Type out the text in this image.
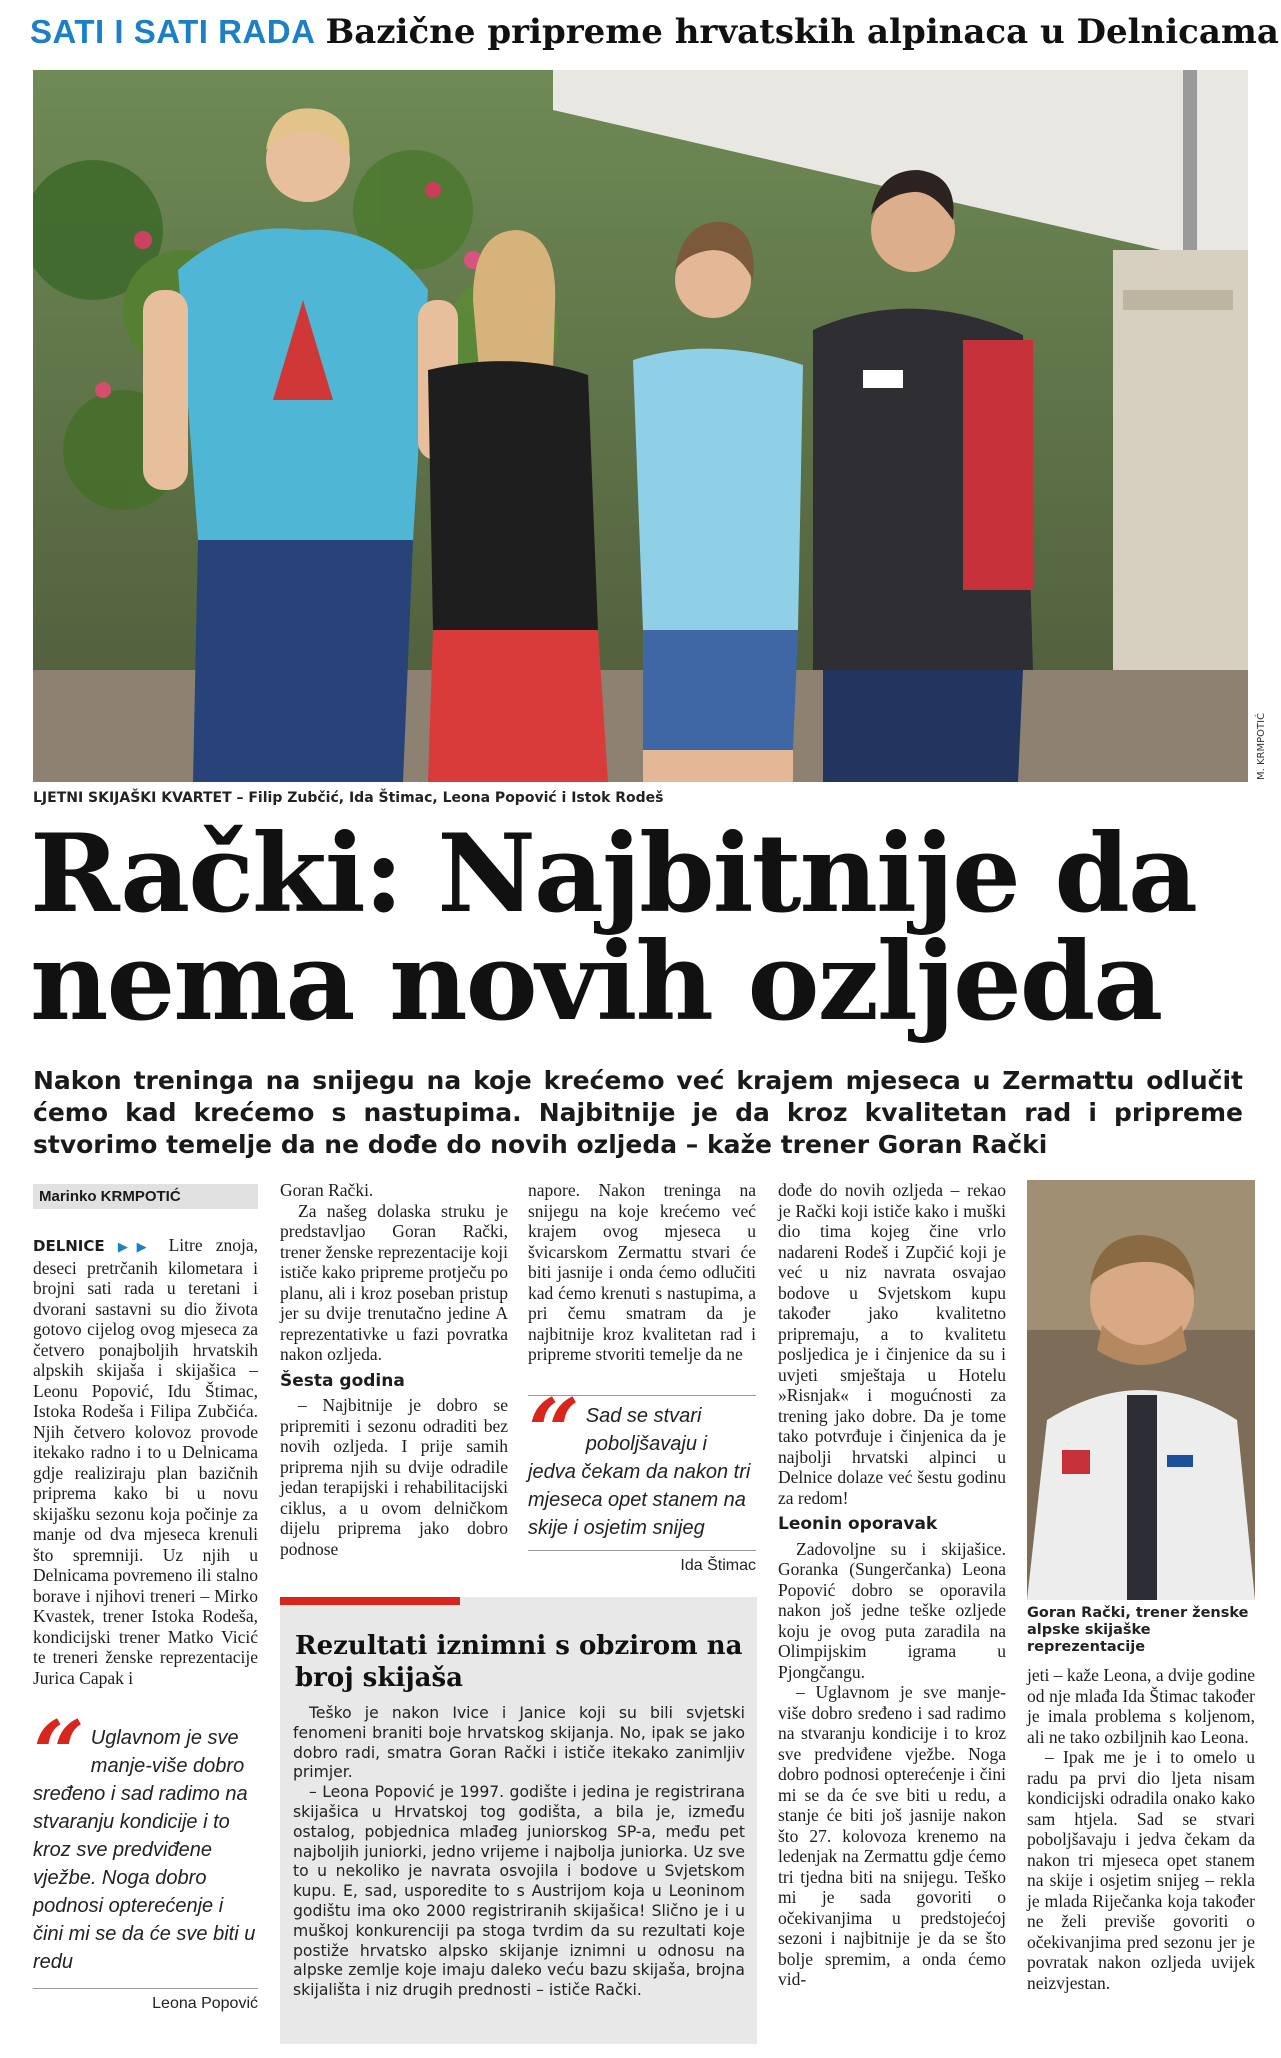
SATI I SATI RADA Bazične pripreme hrvatskih alpinaca u Delnicama
M. KRMPOTIĆ
LJETNI SKIJAŠKI KVARTET – Filip Zubčić, Ida Štimac, Leona Popović i Istok Rodeš
Rački: Najbitnije da
nema novih ozljeda
Nakon treninga na snijegu na koje krećemo već krajem mjeseca u Zermattu odlučit ćemo kad krećemo s nastupima. Najbitnije je da kroz kvalitetan rad i pripreme stvorimo temelje da ne dođe do novih ozljeda – kaže trener Goran Rački
Marinko KRMPOTIĆ

DELNICE ▶▶ Litre znoja, deseci pretrčanih kilometara i brojni sati rada u teretani i dvorani sastavni su dio života gotovo cijelog ovog mjeseca za četvero ponajboljih hrvatskih alpskih skijaša i skijašica – Leonu Popović, Idu Štimac, Istoka Rodeša i Filipa Zubčića. Njih četvero kolovoz provode itekako radno i to u Delnicama gdje realiziraju plan bazičnih priprema kako bi u novu skijašku sezonu koja počinje za manje od dva mjeseca krenuli što spremniji. Uz njih u Delnicama povremeno ili stalno borave i njihovi treneri – Mirko Kvastek, trener Istoka Rodeša, kondicijski trener Matko Vicić te treneri ženske reprezentacije Jurica Capak i

“ Uglavnom je sve manje-više dobro sređeno i sad radimo na stvaranju kondicije i to kroz sve predviđene vježbe. Noga dobro podnosi opterećenje i čini mi se da će sve biti u redu
Leona Popović

Goran Rački.

Za našeg dolaska struku je predstavljao Goran Rački, trener ženske reprezentacije koji ističe kako pripreme protječu po planu, ali i kroz poseban pristup jer su dvije trenutačno jedine A reprezentativke u fazi povratka nakon ozljeda.

Šesta godina

– Najbitnije je dobro se pripremiti i sezonu odraditi bez novih ozljeda. I prije samih priprema njih su dvije odradile jedan terapijski i rehabilitacijski ciklus, a u ovom delničkom dijelu priprema jako dobro podnose

napore. Nakon treninga na snijegu na koje krećemo već krajem ovog mjeseca u švicarskom Zermattu stvari će biti jasnije i onda ćemo odlučiti kad ćemo krenuti s nastupima, a pri čemu smatram da je najbitnije kroz kvalitetan rad i pripreme stvoriti temelje da ne

“ Sad se stvari poboljšavaju i jedva čekam da nakon tri mjeseca opet stanem na skije i osjetim snijeg
Ida Štimac
Rezultati iznimni s obzirom na broj skijaša

Teško je nakon Ivice i Janice koji su bili svjetski fenomeni braniti boje hrvatskog skijanja. No, ipak se jako dobro radi, smatra Goran Rački i ističe itekako zanimljiv primjer.

– Leona Popović je 1997. godište i jedina je registrirana skijašica u Hrvatskoj tog godišta, a bila je, između ostalog, pobjednica mlađeg juniorskog SP-a, među pet najboljih juniorki, jedno vrijeme i najbolja juniorka. Uz sve to u nekoliko je navrata osvojila i bodove u Svjetskom kupu. E, sad, usporedite to s Austrijom koja u Leoninom godištu ima oko 2000 registriranih skijašica! Slično je i u muškoj konkurenciji pa stoga tvrdim da su rezultati koje postiže hrvatsko alpsko skijanje iznimni u odnosu na alpske zemlje koje imaju daleko veću bazu skijaša, brojna skijališta i niz drugih prednosti – ističe Rački.

dođe do novih ozljeda – rekao je Rački koji ističe kako i muški dio tima kojeg čine vrlo nadareni Rodeš i Zupčić koji je već u niz navrata osvajao bodove u Svjetskom kupu također jako kvalitetno pripremaju, a to kvalitetu posljedica je i činjenice da su i uvjeti smještaja u Hotelu »Risnjak« i mogućnosti za trening jako dobre. Da je tome tako potvrđuje i činjenica da je najbolji hrvatski alpinci u Delnice dolaze već šestu godinu za redom!

Leonin oporavak

Zadovoljne su i skijašice. Goranka (Sungerčanka) Leona Popović dobro se oporavila nakon još jedne teške ozljede koju je ovog puta zaradila na Olimpijskim igrama u Pjongčangu.

– Uglavnom je sve manje-više dobro sređeno i sad radimo na stvaranju kondicije i to kroz sve predviđene vježbe. Noga dobro podnosi opterećenje i čini mi se da će sve biti u redu, a stanje će biti još jasnije nakon što 27. kolovoza krenemo na ledenjak na Zermattu gdje ćemo tri tjedna biti na snijegu. Teško mi je sada govoriti o očekivanjima u predstojećoj sezoni i najbitnije je da se što bolje spremim, a onda ćemo vid-

Goran Rački, trener ženske alpske skijaške reprezentacije

jeti – kaže Leona, a dvije godine od nje mlađa Ida Štimac također je imala problema s koljenom, ali ne tako ozbiljnih kao Leona.

– Ipak me je i to omelo u radu pa prvi dio ljeta nisam kondicijski odradila onako kako sam htjela. Sad se stvari poboljšavaju i jedva čekam da nakon tri mjeseca opet stanem na skije i osjetim snijeg – rekla je mlada Riječanka koja također ne želi previše govoriti o očekivanjima pred sezonu jer je povratak nakon ozljeda uvijek neizvjestan.
